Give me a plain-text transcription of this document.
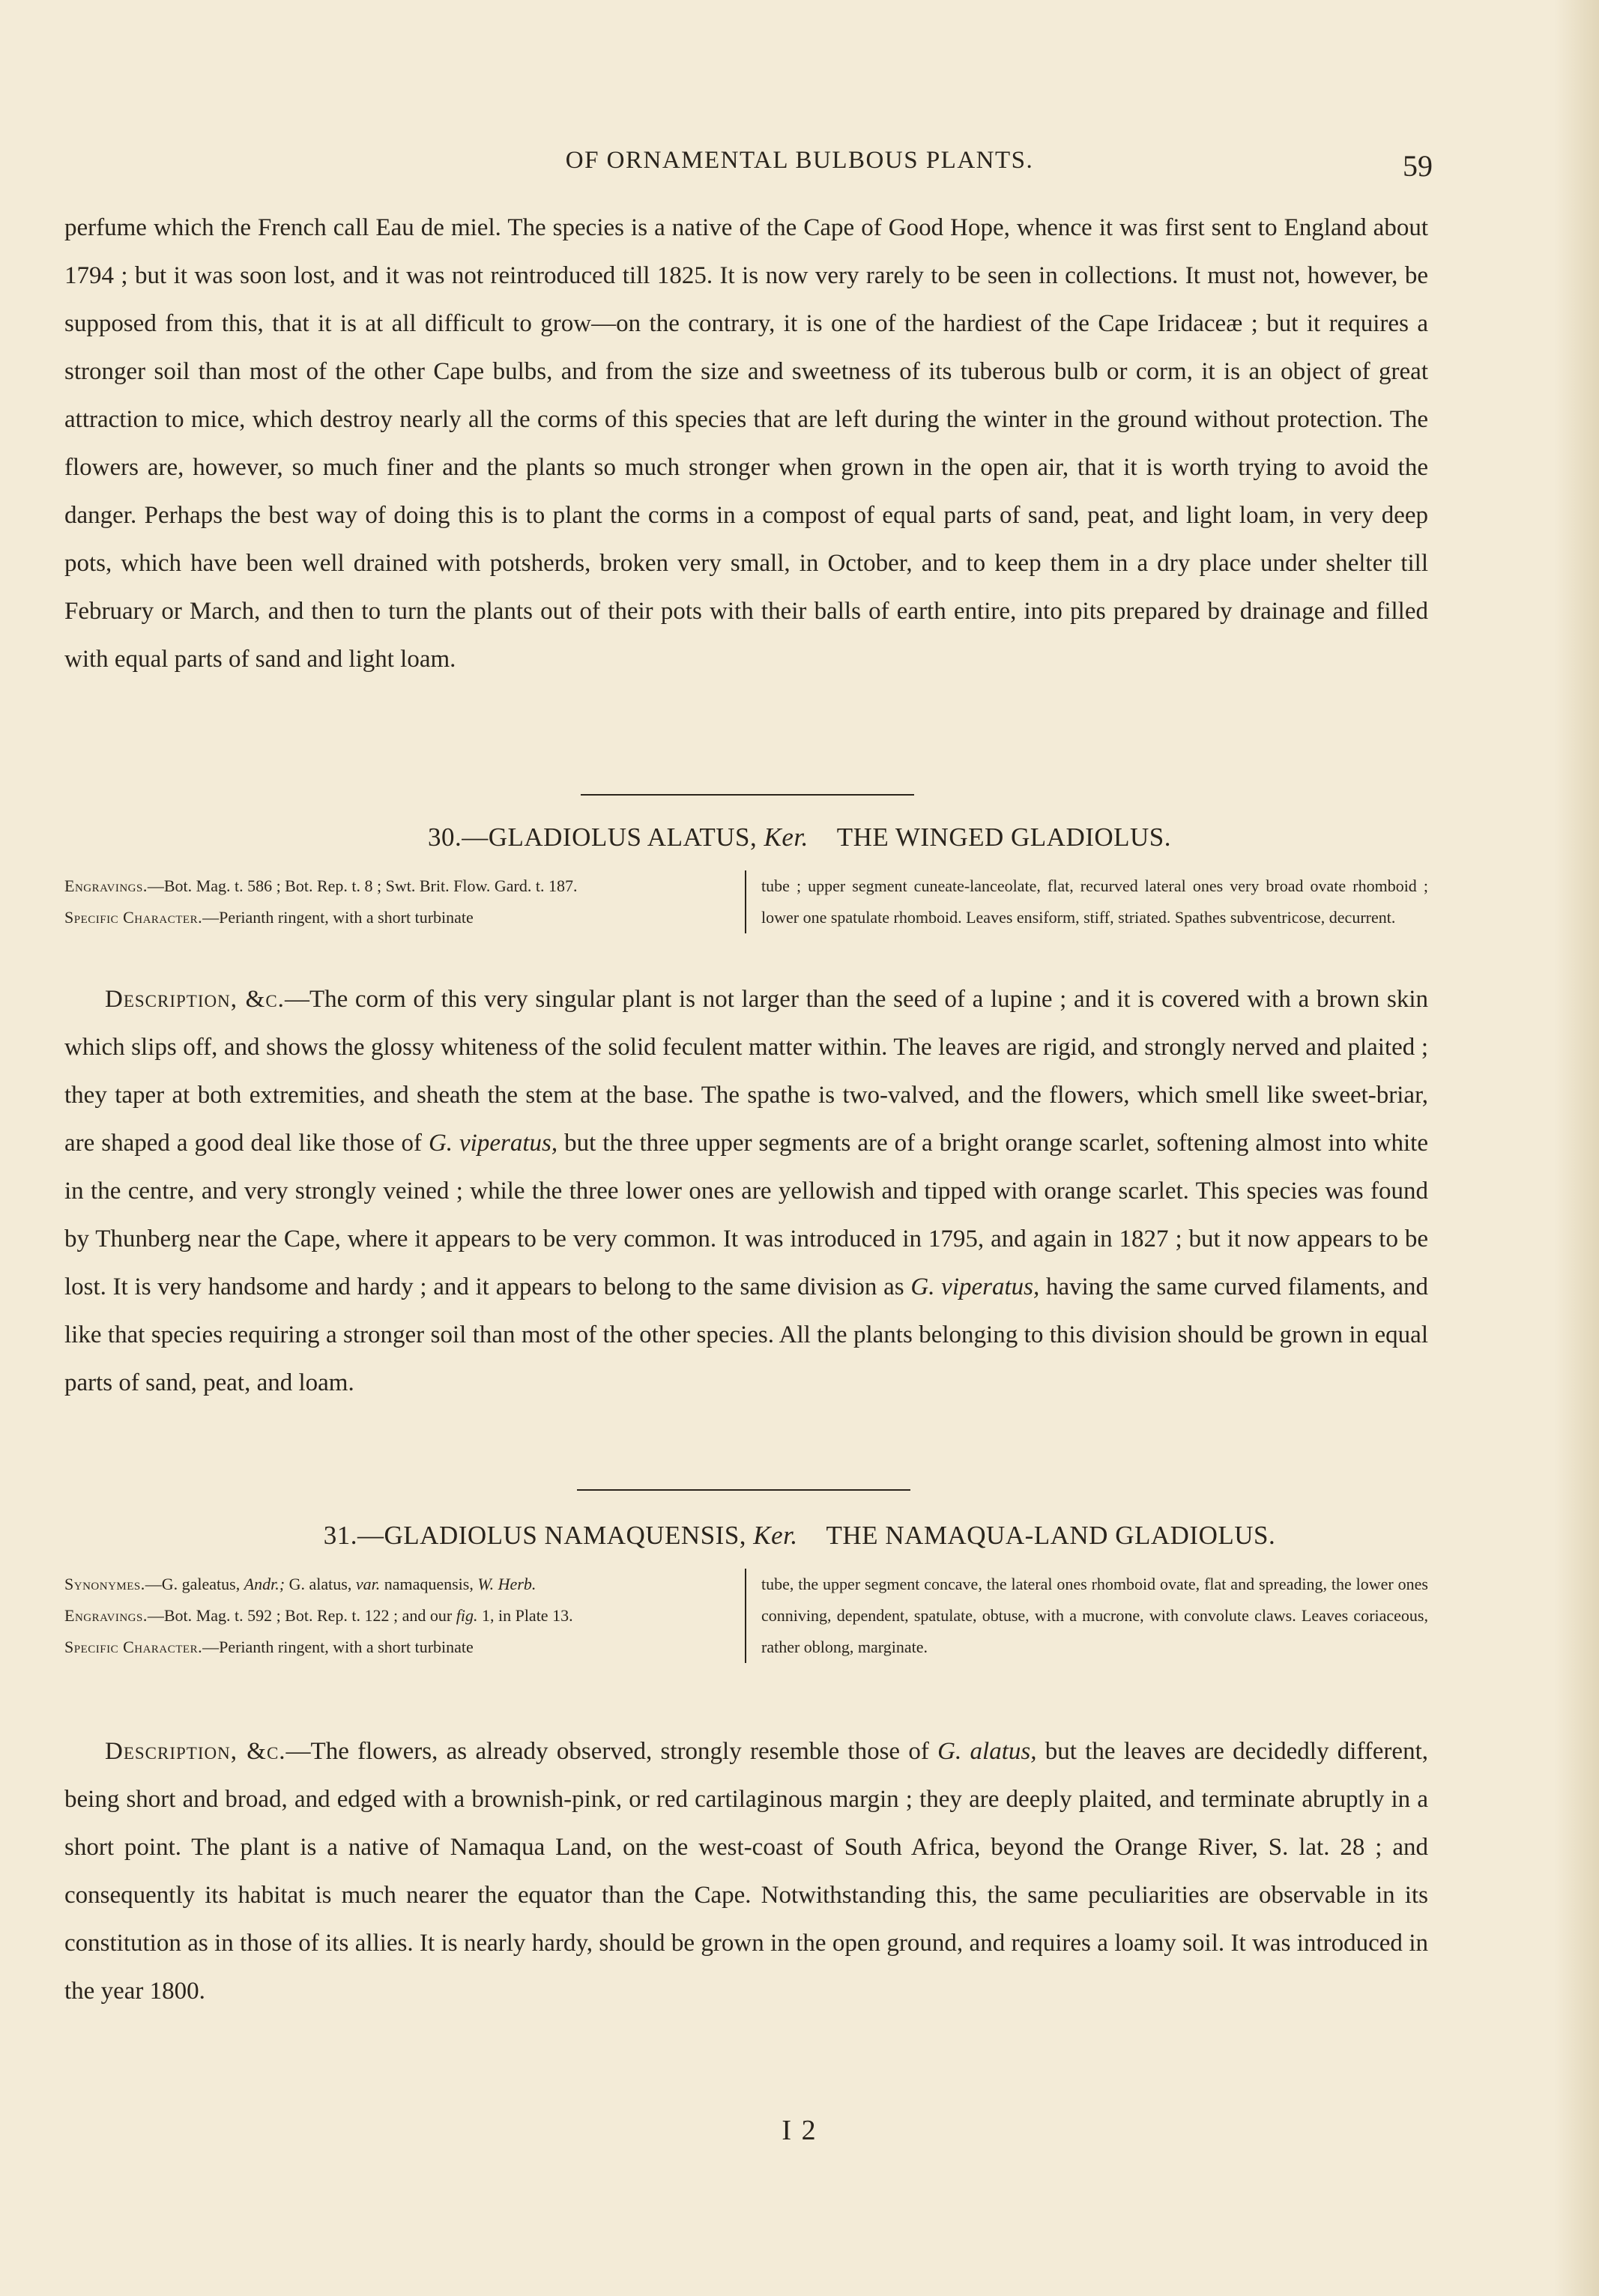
OF ORNAMENTAL BULBOUS PLANTS.	59

perfume which the French call Eau de miel. The species is a native of the Cape of Good Hope, whence it was first sent to England about 1794 ; but it was soon lost, and it was not reintroduced till 1825. It is now very rarely to be seen in collections. It must not, however, be supposed from this, that it is at all difficult to grow—on the contrary, it is one of the hardiest of the Cape Iridaceæ ; but it requires a stronger soil than most of the other Cape bulbs, and from the size and sweetness of its tuberous bulb or corm, it is an object of great attraction to mice, which destroy nearly all the corms of this species that are left during the winter in the ground without protection. The flowers are, however, so much finer and the plants so much stronger when grown in the open air, that it is worth trying to avoid the danger. Perhaps the best way of doing this is to plant the corms in a compost of equal parts of sand, peat, and light loam, in very deep pots, which have been well drained with potsherds, broken very small, in October, and to keep them in a dry place under shelter till February or March, and then to turn the plants out of their pots with their balls of earth entire, into pits prepared by drainage and filled with equal parts of sand and light loam.

30.—GLADIOLUS ALATUS, Ker. THE WINGED GLADIOLUS.

Engravings.—Bot. Mag. t. 586 ; Bot. Rep. t. 8 ; Swt. Brit. Flow. Gard. t. 187.

Specific Character.—Perianth ringent, with a short turbinate

tube ; upper segment cuneate-lanceolate, flat, recurved lateral ones very broad ovate rhomboid ; lower one spatulate rhomboid. Leaves ensiform, stiff, striated. Spathes subventricose, decurrent.

Description, &c.—The corm of this very singular plant is not larger than the seed of a lupine ; and it is covered with a brown skin which slips off, and shows the glossy whiteness of the solid feculent matter within. The leaves are rigid, and strongly nerved and plaited ; they taper at both extremities, and sheath the stem at the base. The spathe is two-valved, and the flowers, which smell like sweet-briar, are shaped a good deal like those of G. viperatus, but the three upper segments are of a bright orange scarlet, softening almost into white in the centre, and very strongly veined ; while the three lower ones are yellowish and tipped with orange scarlet. This species was found by Thunberg near the Cape, where it appears to be very common. It was introduced in 1795, and again in 1827 ; but it now appears to be lost. It is very handsome and hardy ; and it appears to belong to the same division as G. viperatus, having the same curved filaments, and like that species requiring a stronger soil than most of the other species. All the plants belonging to this division should be grown in equal parts of sand, peat, and loam.

31.—GLADIOLUS NAMAQUENSIS, Ker. THE NAMAQUA-LAND GLADIOLUS.

Synonymes.—G. galeatus, Andr.; G. alatus, var. namaquensis, W. Herb.

Engravings.—Bot. Mag. t. 592 ; Bot. Rep. t. 122 ; and our fig. 1, in Plate 13.

Specific Character.—Perianth ringent, with a short turbinate

tube, the upper segment concave, the lateral ones rhomboid ovate, flat and spreading, the lower ones conniving, dependent, spatulate, obtuse, with a mucrone, with convolute claws. Leaves coriaceous, rather oblong, marginate.

Description, &c.—The flowers, as already observed, strongly resemble those of G. alatus, but the leaves are decidedly different, being short and broad, and edged with a brownish-pink, or red cartilaginous margin ; they are deeply plaited, and terminate abruptly in a short point. The plant is a native of Namaqua Land, on the west-coast of South Africa, beyond the Orange River, S. lat. 28 ; and consequently its habitat is much nearer the equator than the Cape. Notwithstanding this, the same peculiarities are observable in its constitution as in those of its allies. It is nearly hardy, should be grown in the open ground, and requires a loamy soil. It was introduced in the year 1800.

I 2
